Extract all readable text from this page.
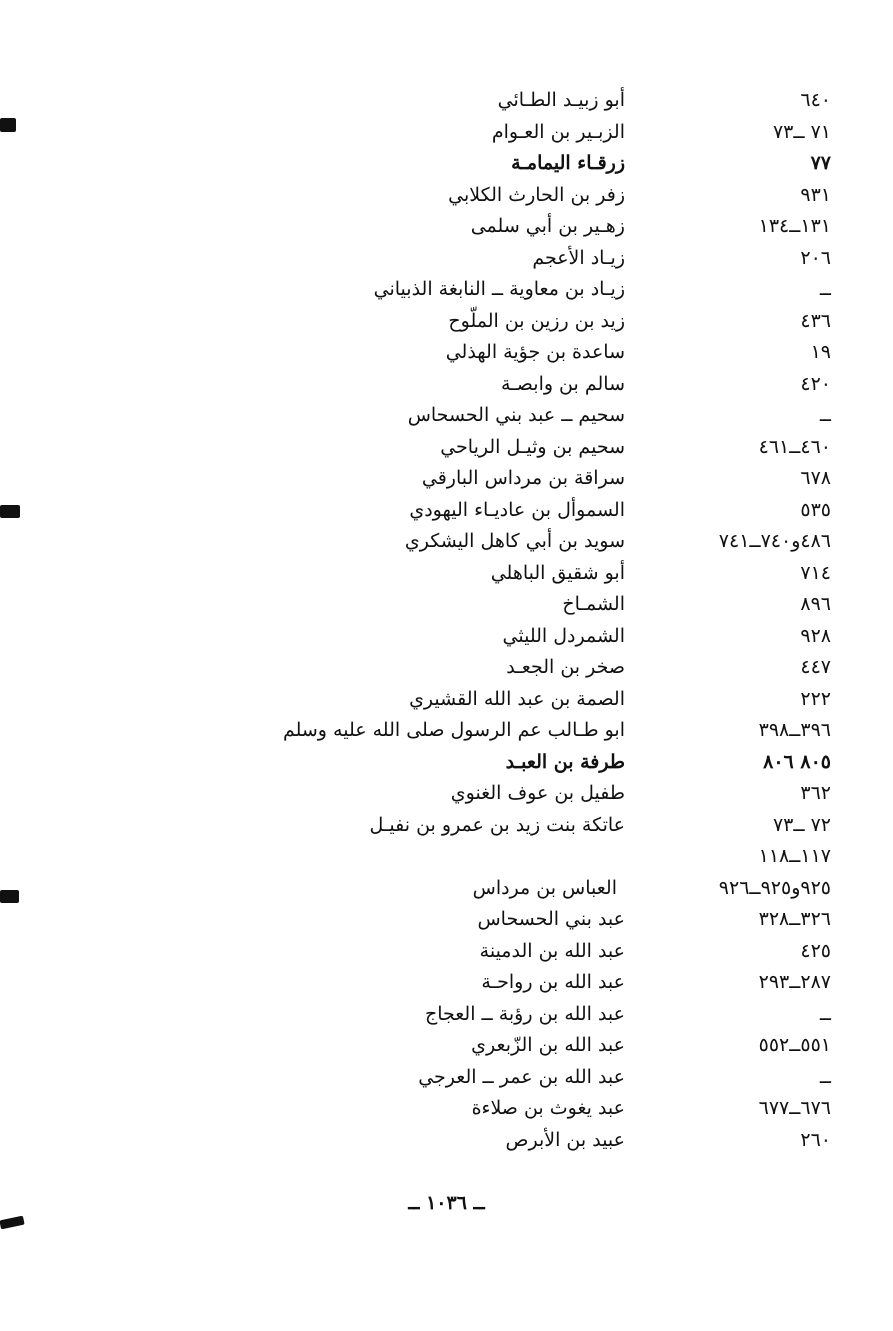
أبو زبيـد الطـائي	٦٤٠
الزبـير بن العـوام	٧١ ــ٧٣
زرقـاء اليمامـة	٧٧
زفر بن الحارث الكلابي	٩٣١
زهـير بن أبي سلمى	١٣١ــ١٣٤
زيـاد الأعجم	٢٠٦
زيـاد بن معاوية ــ النابغة الذبياني	ــ
زيد بن رزين بن الملّوح	٤٣٦
ساعدة بن جؤية الهذلي	١٩
سالم بن وابصـة	٤٢٠
سحيم ــ عبد بني الحسحاس	ــ
سحيم بن وثيـل الرياحي	٤٦٠ــ٤٦١
سراقة بن مرداس البارقي	٦٧٨
السموأل بن عاديـاء اليهودي	٥٣٥
سويد بن أبي كاهل اليشكري	٤٨٦و٧٤٠ــ٧٤١
أبو شقيق الباهلي	٧١٤
الشمـاخ	٨٩٦
الشمردل الليثي	٩٢٨
صخر بن الجعـد	٤٤٧
الصمة بن عبد الله القشيري	٢٢٢
ابو طـالب عم الرسول صلى الله عليه وسلم	٣٩٦ــ٣٩٨
طرفة بن العبـد	٨٠٥ ٨٠٦
طفيل بن عوف الغنوي	٣٦٢
عاتكة بنت زيد بن عمرو بن نفيـل	٧٢ ــ٧٣
١١٧ــ١١٨
العباس بن مرداس	٩٢٥و٩٢٥ــ٩٢٦
عبد بني الحسحاس	٣٢٦ــ٣٢٨
عبد الله بن الدمينة	٤٢٥
عبد الله بن رواحـة	٢٨٧ــ٢٩٣
عبد الله بن رؤبة ــ العجاج	ــ
عبد الله بن الزّبعري	٥٥١ــ٥٥٢
عبد الله بن عمر ــ العرجي	ــ
عبد يغوث بن صلاءة	٦٧٦ــ٦٧٧
عبيد بن الأبرص	٢٦٠
ــ ١٠٣٦ ــ
